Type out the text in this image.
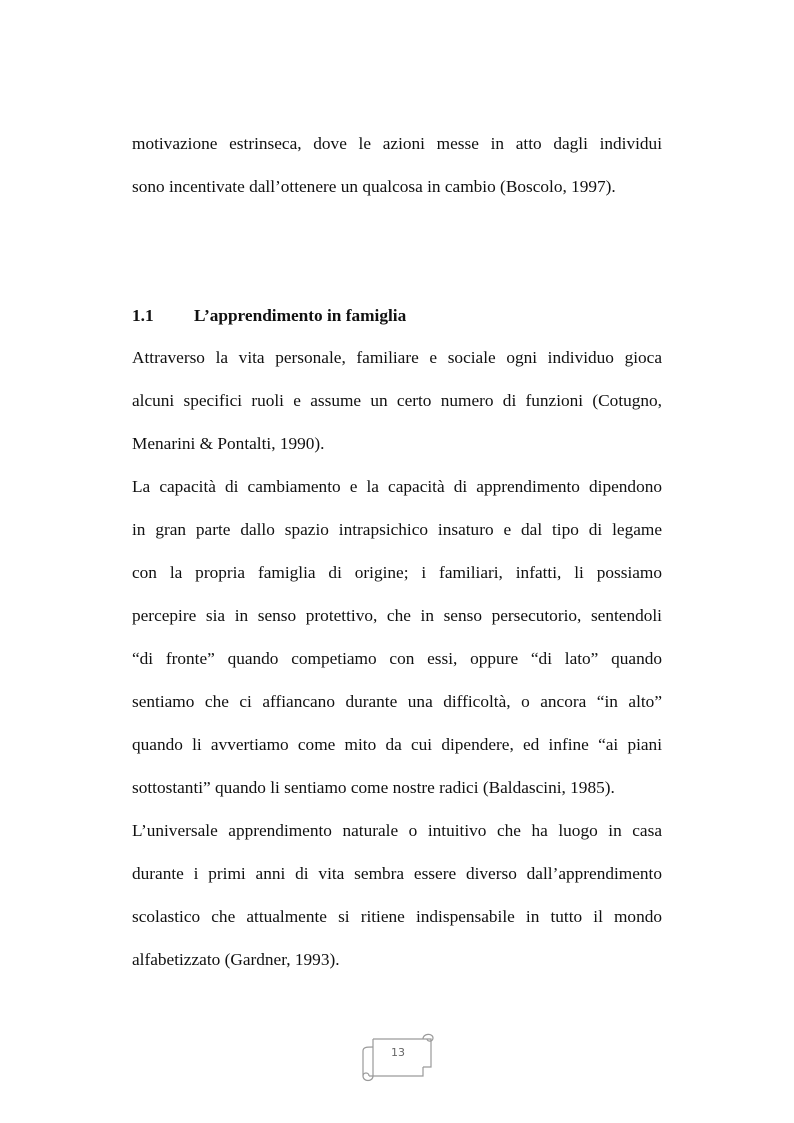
motivazione estrinseca, dove le azioni messe in atto dagli individui
sono incentivate dall’ottenere un qualcosa in cambio (Boscolo, 1997).
1.1 L’apprendimento in famiglia
Attraverso la vita personale, familiare e sociale ogni individuo gioca
alcuni specifici ruoli e assume un certo numero di funzioni (Cotugno,
Menarini & Pontalti, 1990).
La capacità di cambiamento e la capacità di apprendimento dipendono
in gran parte dallo spazio intrapsichico insaturo e dal tipo di legame
con la propria famiglia di origine; i familiari, infatti, li possiamo
percepire sia in senso protettivo, che in senso persecutorio, sentendoli
“di fronte” quando competiamo con essi, oppure “di lato” quando
sentiamo che ci affiancano durante una difficoltà, o ancora “in alto”
quando li avvertiamo come mito da cui dipendere, ed infine “ai piani
sottostanti” quando li sentiamo come nostre radici (Baldascini, 1985).
L’universale apprendimento naturale o intuitivo che ha luogo in casa
durante i primi anni di vita sembra essere diverso dall’apprendimento
scolastico che attualmente si ritiene indispensabile in tutto il mondo
alfabetizzato (Gardner, 1993).
13
